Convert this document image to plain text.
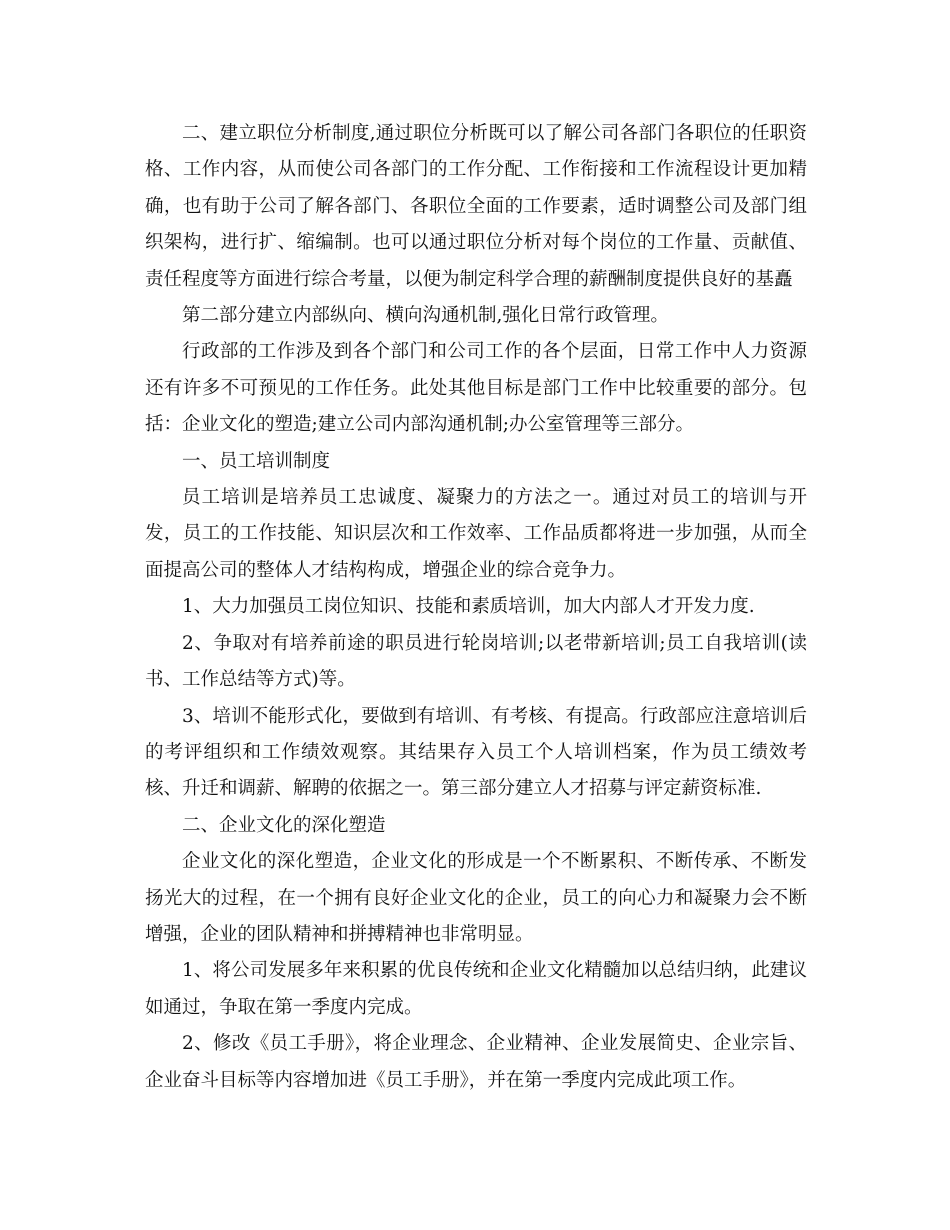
二、建立职位分析制度,通过职位分析既可以了解公司各部门各职位的任职资格、工作内容，从而使公司各部门的工作分配、工作衔接和工作流程设计更加精确，也有助于公司了解各部门、各职位全面的工作要素，适时调整公司及部门组织架构，进行扩、缩编制。也可以通过职位分析对每个岗位的工作量、贡献值、责任程度等方面进行综合考量，以便为制定科学合理的薪酬制度提供良好的基矗

第二部分建立内部纵向、横向沟通机制,强化日常行政管理。

行政部的工作涉及到各个部门和公司工作的各个层面，日常工作中人力资源还有许多不可预见的工作任务。此处其他目标是部门工作中比较重要的部分。包括：企业文化的塑造;建立公司内部沟通机制;办公室管理等三部分。

一、员工培训制度

员工培训是培养员工忠诚度、凝聚力的方法之一。通过对员工的培训与开发，员工的工作技能、知识层次和工作效率、工作品质都将进一步加强，从而全面提高公司的整体人才结构构成，增强企业的综合竞争力。

1、大力加强员工岗位知识、技能和素质培训，加大内部人才开发力度.

2、争取对有培养前途的职员进行轮岗培训;以老带新培训;员工自我培训(读书、工作总结等方式)等。

3、培训不能形式化，要做到有培训、有考核、有提高。行政部应注意培训后的考评组织和工作绩效观察。其结果存入员工个人培训档案，作为员工绩效考核、升迁和调薪、解聘的依据之一。第三部分建立人才招募与评定薪资标准.

二、企业文化的深化塑造

企业文化的深化塑造，企业文化的形成是一个不断累积、不断传承、不断发扬光大的过程，在一个拥有良好企业文化的企业，员工的向心力和凝聚力会不断增强，企业的团队精神和拼搏精神也非常明显。

1、将公司发展多年来积累的优良传统和企业文化精髓加以总结归纳，此建议如通过，争取在第一季度内完成。

2、修改《员工手册》，将企业理念、企业精神、企业发展简史、企业宗旨、企业奋斗目标等内容增加进《员工手册》，并在第一季度内完成此项工作。
